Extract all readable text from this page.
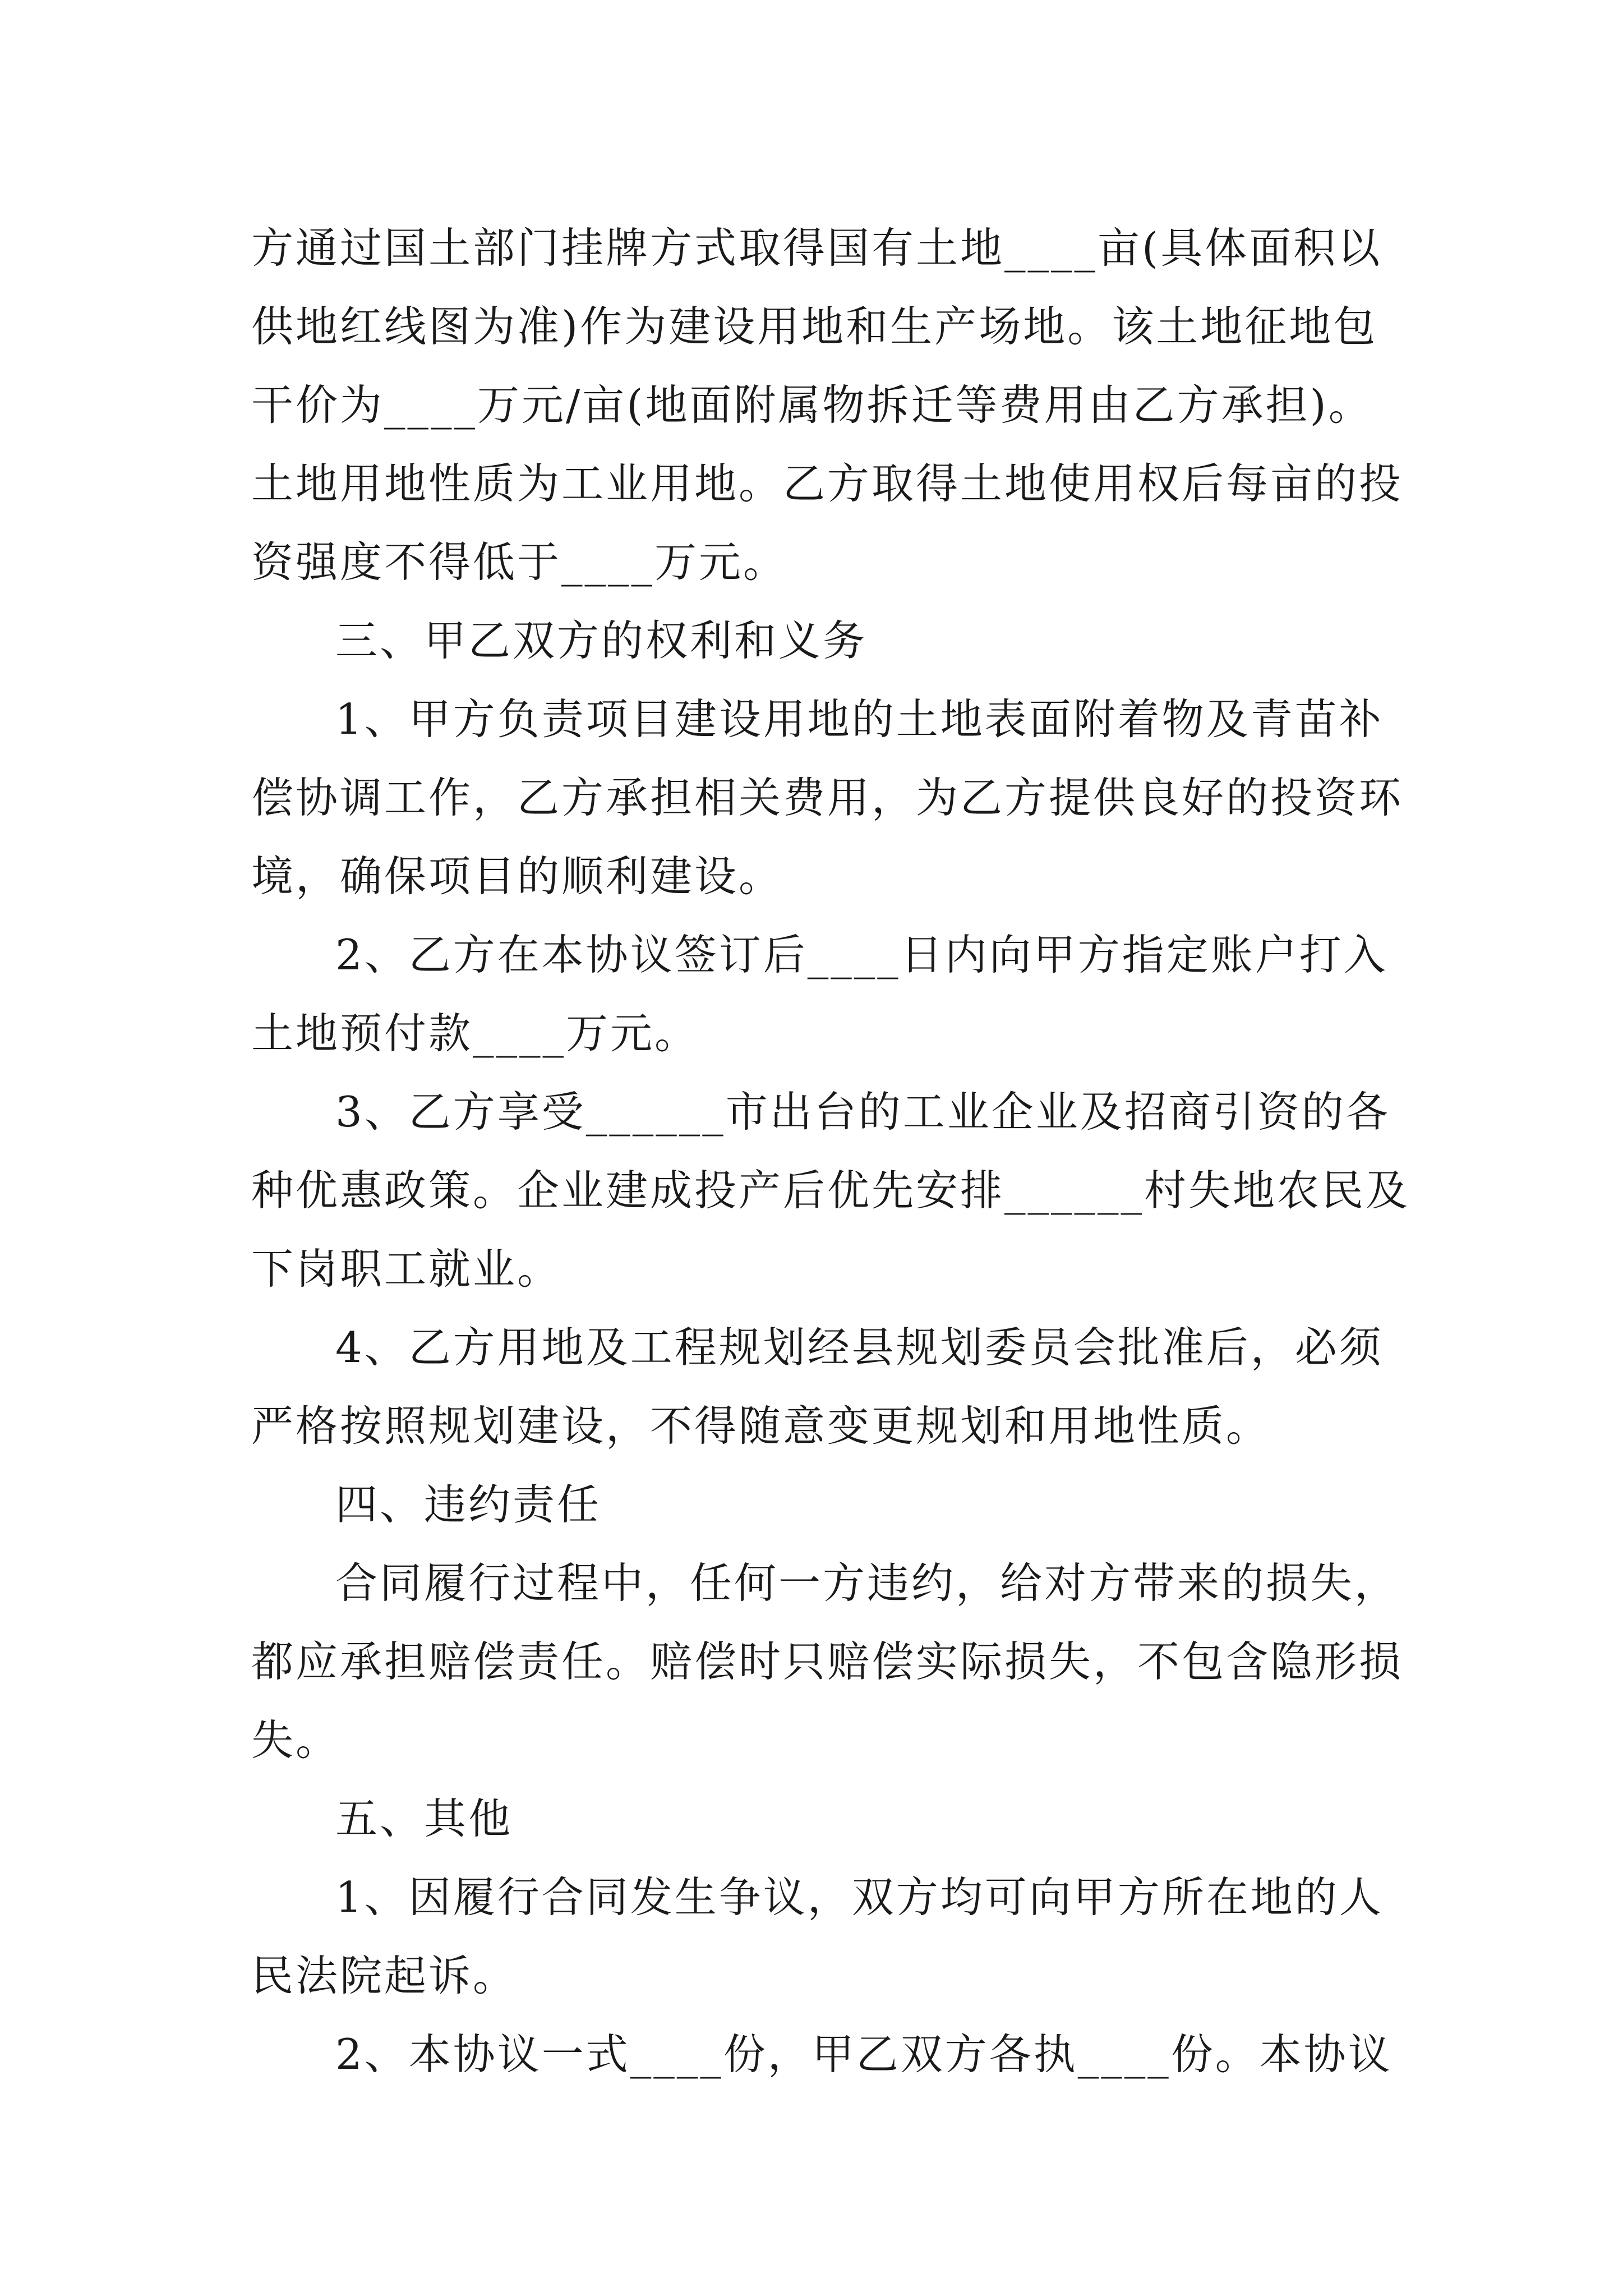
方通过国土部门挂牌方式取得国有土地____亩(具体面积以
供地红线图为准)作为建设用地和生产场地。该土地征地包
干价为____万元/亩(地面附属物拆迁等费用由乙方承担)。
土地用地性质为工业用地。乙方取得土地使用权后每亩的投
资强度不得低于____万元。
三、甲乙双方的权利和义务
1、甲方负责项目建设用地的土地表面附着物及青苗补
偿协调工作，乙方承担相关费用，为乙方提供良好的投资环
境，确保项目的顺利建设。
2、乙方在本协议签订后____日内向甲方指定账户打入
土地预付款____万元。
3、乙方享受______市出台的工业企业及招商引资的各
种优惠政策。企业建成投产后优先安排______村失地农民及
下岗职工就业。
4、乙方用地及工程规划经县规划委员会批准后，必须
严格按照规划建设，不得随意变更规划和用地性质。
四、违约责任
合同履行过程中，任何一方违约，给对方带来的损失，
都应承担赔偿责任。赔偿时只赔偿实际损失，不包含隐形损
失。
五、其他
1、因履行合同发生争议，双方均可向甲方所在地的人
民法院起诉。
2、本协议一式____份，甲乙双方各执____份。本协议
